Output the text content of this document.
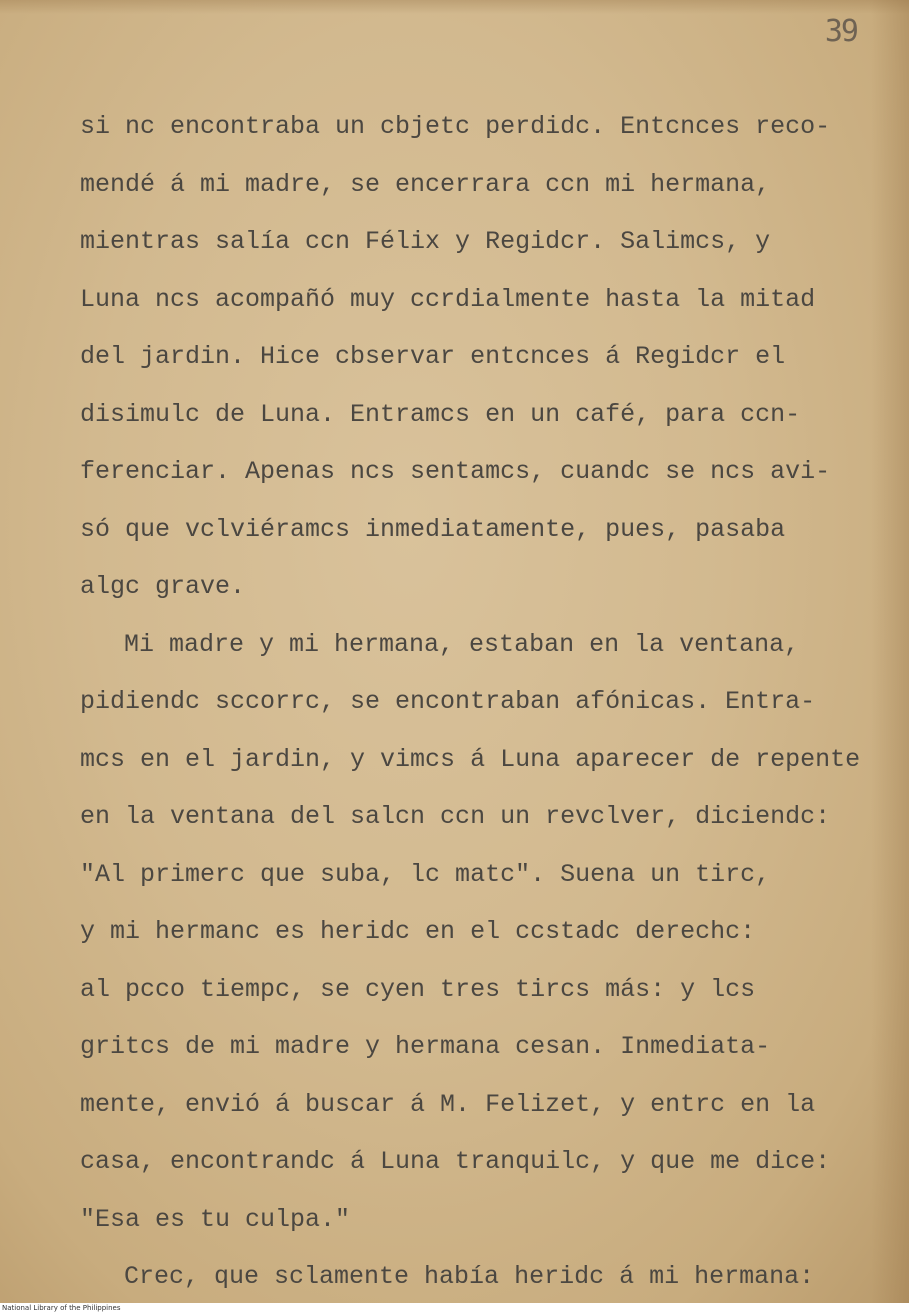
39
si nc encontraba un cbjetc perdidc. Entcnces reco-
mendé á mi madre, se encerrara ccn mi hermana,
mientras salía ccn Félix y Regidcr. Salimcs, y
Luna ncs acompañó muy ccrdialmente hasta la mitad
del jardin. Hice cbservar entcnces á Regidcr el
disimulc de Luna. Entramcs en un café, para ccn-
ferenciar. Apenas ncs sentamcs, cuandc se ncs avi-
só que vclviéramcs inmediatamente, pues, pasaba
algc grave.
Mi madre y mi hermana, estaban en la ventana,
pidiendc sccorrc, se encontraban afónicas. Entra-
mcs en el jardin, y vimcs á Luna aparecer de repente
en la ventana del salcn ccn un revclver, diciendc:
"Al primerc que suba, lc matc". Suena un tirc,
y mi hermanc es heridc en el ccstadc derechc:
al pcco tiempc, se cyen tres tircs más: y lcs
gritcs de mi madre y hermana cesan. Inmediata-
mente, envió á buscar á M. Felizet, y entrc en la
casa, encontrandc á Luna tranquilc, y que me dice:
"Esa es tu culpa."
Crec, que sclamente había heridc á mi hermana:
National Library of the Philippines
